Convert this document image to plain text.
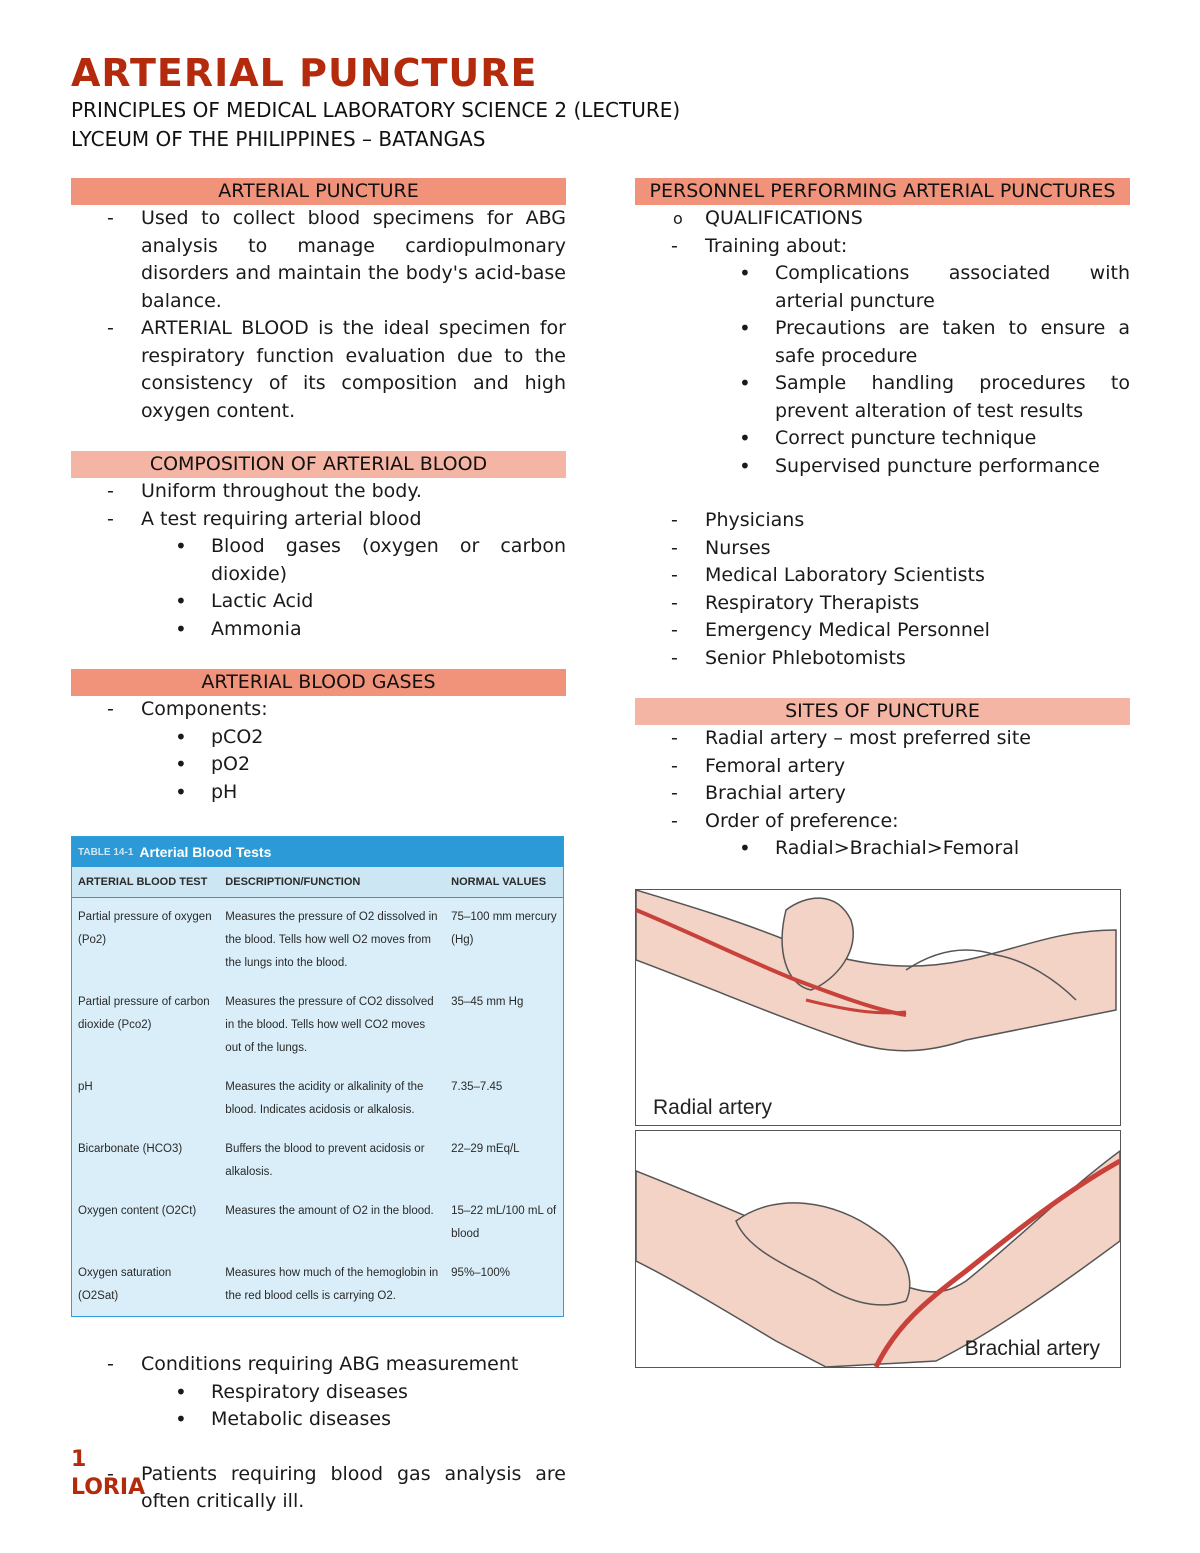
ARTERIAL PUNCTURE
PRINCIPLES OF MEDICAL LABORATORY SCIENCE 2 (LECTURE)
LYCEUM OF THE PHILIPPINES – BATANGAS
ARTERIAL PUNCTURE
- Used to collect blood specimens for ABG analysis to manage cardiopulmonary disorders and maintain the body's acid-base balance.
- ARTERIAL BLOOD is the ideal specimen for respiratory function evaluation due to the consistency of its composition and high oxygen content.
COMPOSITION OF ARTERIAL BLOOD
- Uniform throughout the body.
- A test requiring arterial blood
• Blood gases (oxygen or carbon dioxide)
• Lactic Acid
• Ammonia
ARTERIAL BLOOD GASES
- Components:
• pCO2
• pO2
• pH
TABLE 14-1 Arterial Blood Tests
ARTERIAL BLOOD TEST	DESCRIPTION/FUNCTION	NORMAL VALUES
Partial pressure of oxygen (Po2)	Measures the pressure of O2 dissolved in the blood. Tells how well O2 moves from the lungs into the blood.	75–100 mm mercury (Hg)
Partial pressure of carbon dioxide (Pco2)	Measures the pressure of CO2 dissolved in the blood. Tells how well CO2 moves out of the lungs.	35–45 mm Hg
pH	Measures the acidity or alkalinity of the blood. Indicates acidosis or alkalosis.	7.35–7.45
Bicarbonate (HCO3)	Buffers the blood to prevent acidosis or alkalosis.	22–29 mEq/L
Oxygen content (O2Ct)	Measures the amount of O2 in the blood.	15–22 mL/100 mL of blood
Oxygen saturation (O2Sat)	Measures how much of the hemoglobin in the red blood cells is carrying O2.	95%–100%
- Conditions requiring ABG measurement
• Respiratory diseases
• Metabolic diseases
- Patients requiring blood gas analysis are often critically ill.
PERSONNEL PERFORMING ARTERIAL PUNCTURES
o QUALIFICATIONS
- Training about:
• Complications associated with arterial puncture
• Precautions are taken to ensure a safe procedure
• Sample handling procedures to prevent alteration of test results
• Correct puncture technique
• Supervised puncture performance
- Physicians
- Nurses
- Medical Laboratory Scientists
- Respiratory Therapists
- Emergency Medical Personnel
- Senior Phlebotomists
SITES OF PUNCTURE
- Radial artery – most preferred site
- Femoral artery
- Brachial artery
- Order of preference:
• Radial>Brachial>Femoral
Radial artery
Brachial artery
1
LORIA
